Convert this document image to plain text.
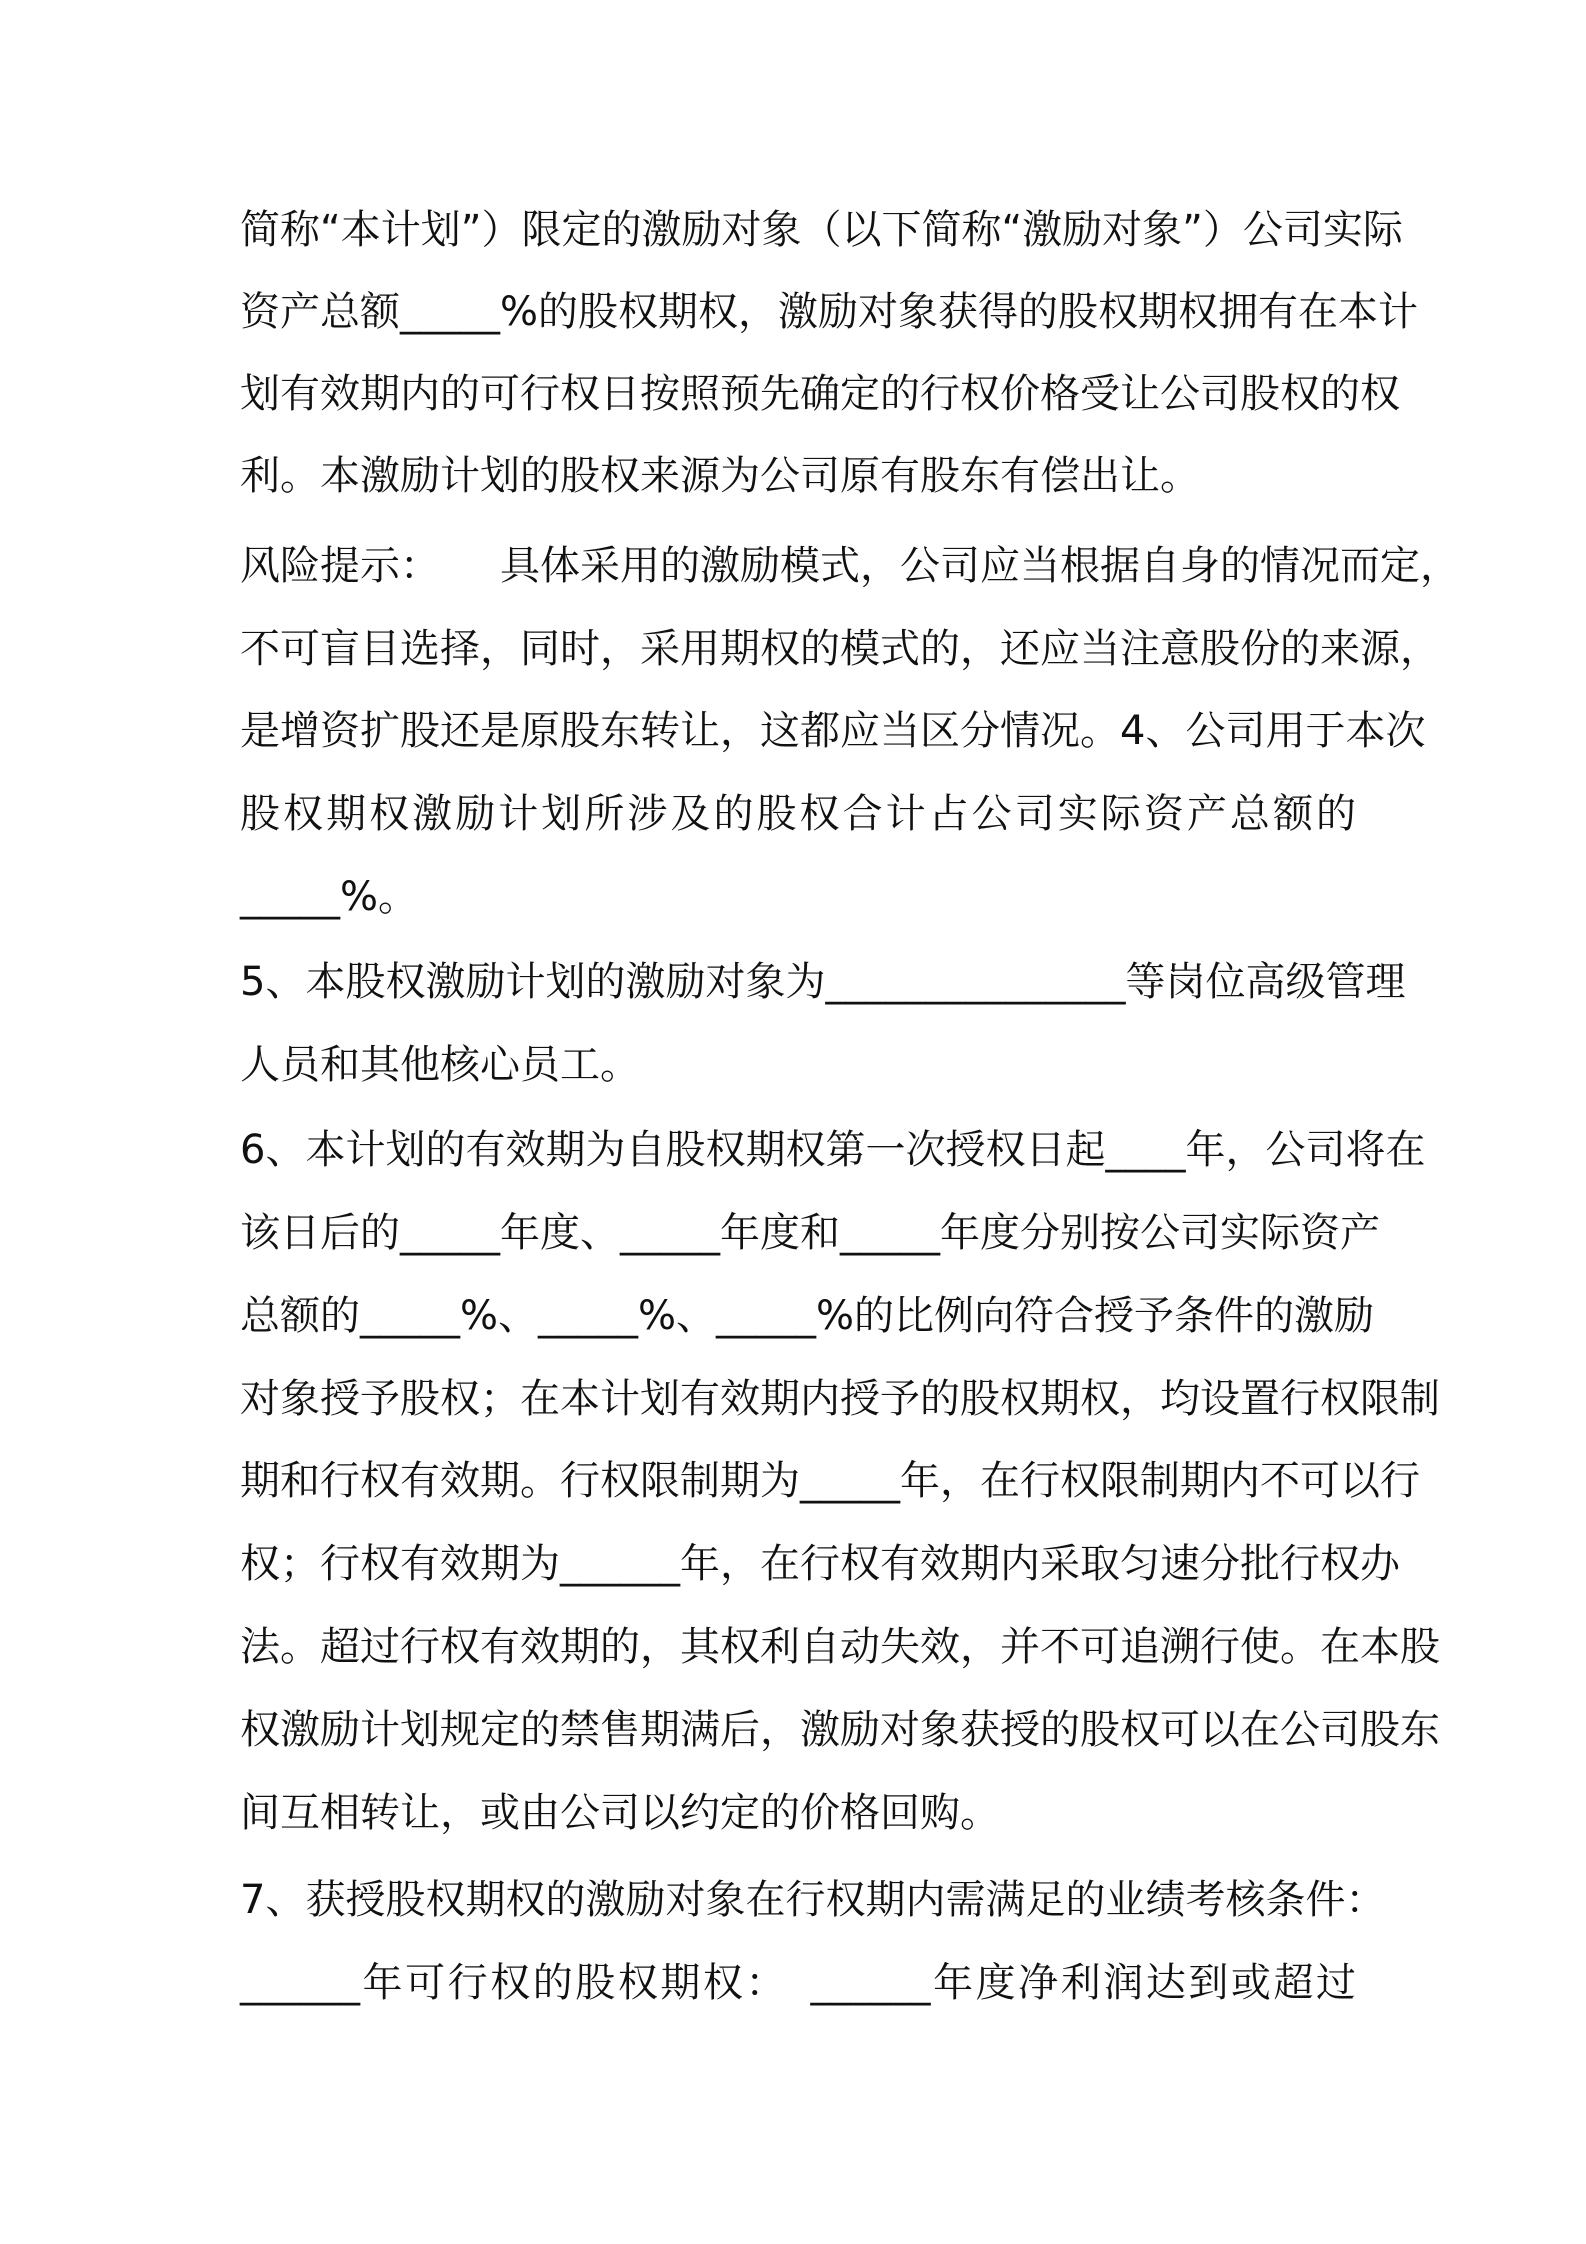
简称“本计划”）限定的激励对象（以下简称“激励对象”）公司实际
资产总额_____%的股权期权，激励对象获得的股权期权拥有在本计
划有效期内的可行权日按照预先确定的行权价格受让公司股权的权
利。本激励计划的股权来源为公司原有股东有偿出让。
风险提示：　　具体采用的激励模式，公司应当根据自身的情况而定，
不可盲目选择，同时，采用期权的模式的，还应当注意股份的来源，
是增资扩股还是原股东转让，这都应当区分情况。4、公司用于本次
股权期权激励计划所涉及的股权合计占公司实际资产总额的
_____%。
5、本股权激励计划的激励对象为_______________等岗位高级管理
人员和其他核心员工。
6、本计划的有效期为自股权期权第一次授权日起____年，公司将在
该日后的_____年度、_____年度和_____年度分别按公司实际资产
总额的_____%、_____%、_____%的比例向符合授予条件的激励
对象授予股权；在本计划有效期内授予的股权期权，均设置行权限制
期和行权有效期。行权限制期为_____年，在行权限制期内不可以行
权；行权有效期为______年，在行权有效期内采取匀速分批行权办
法。超过行权有效期的，其权利自动失效，并不可追溯行使。在本股
权激励计划规定的禁售期满后，激励对象获授的股权可以在公司股东
间互相转让，或由公司以约定的价格回购。
7、获授股权期权的激励对象在行权期内需满足的业绩考核条件：
______年可行权的股权期权：　______年度净利润达到或超过
